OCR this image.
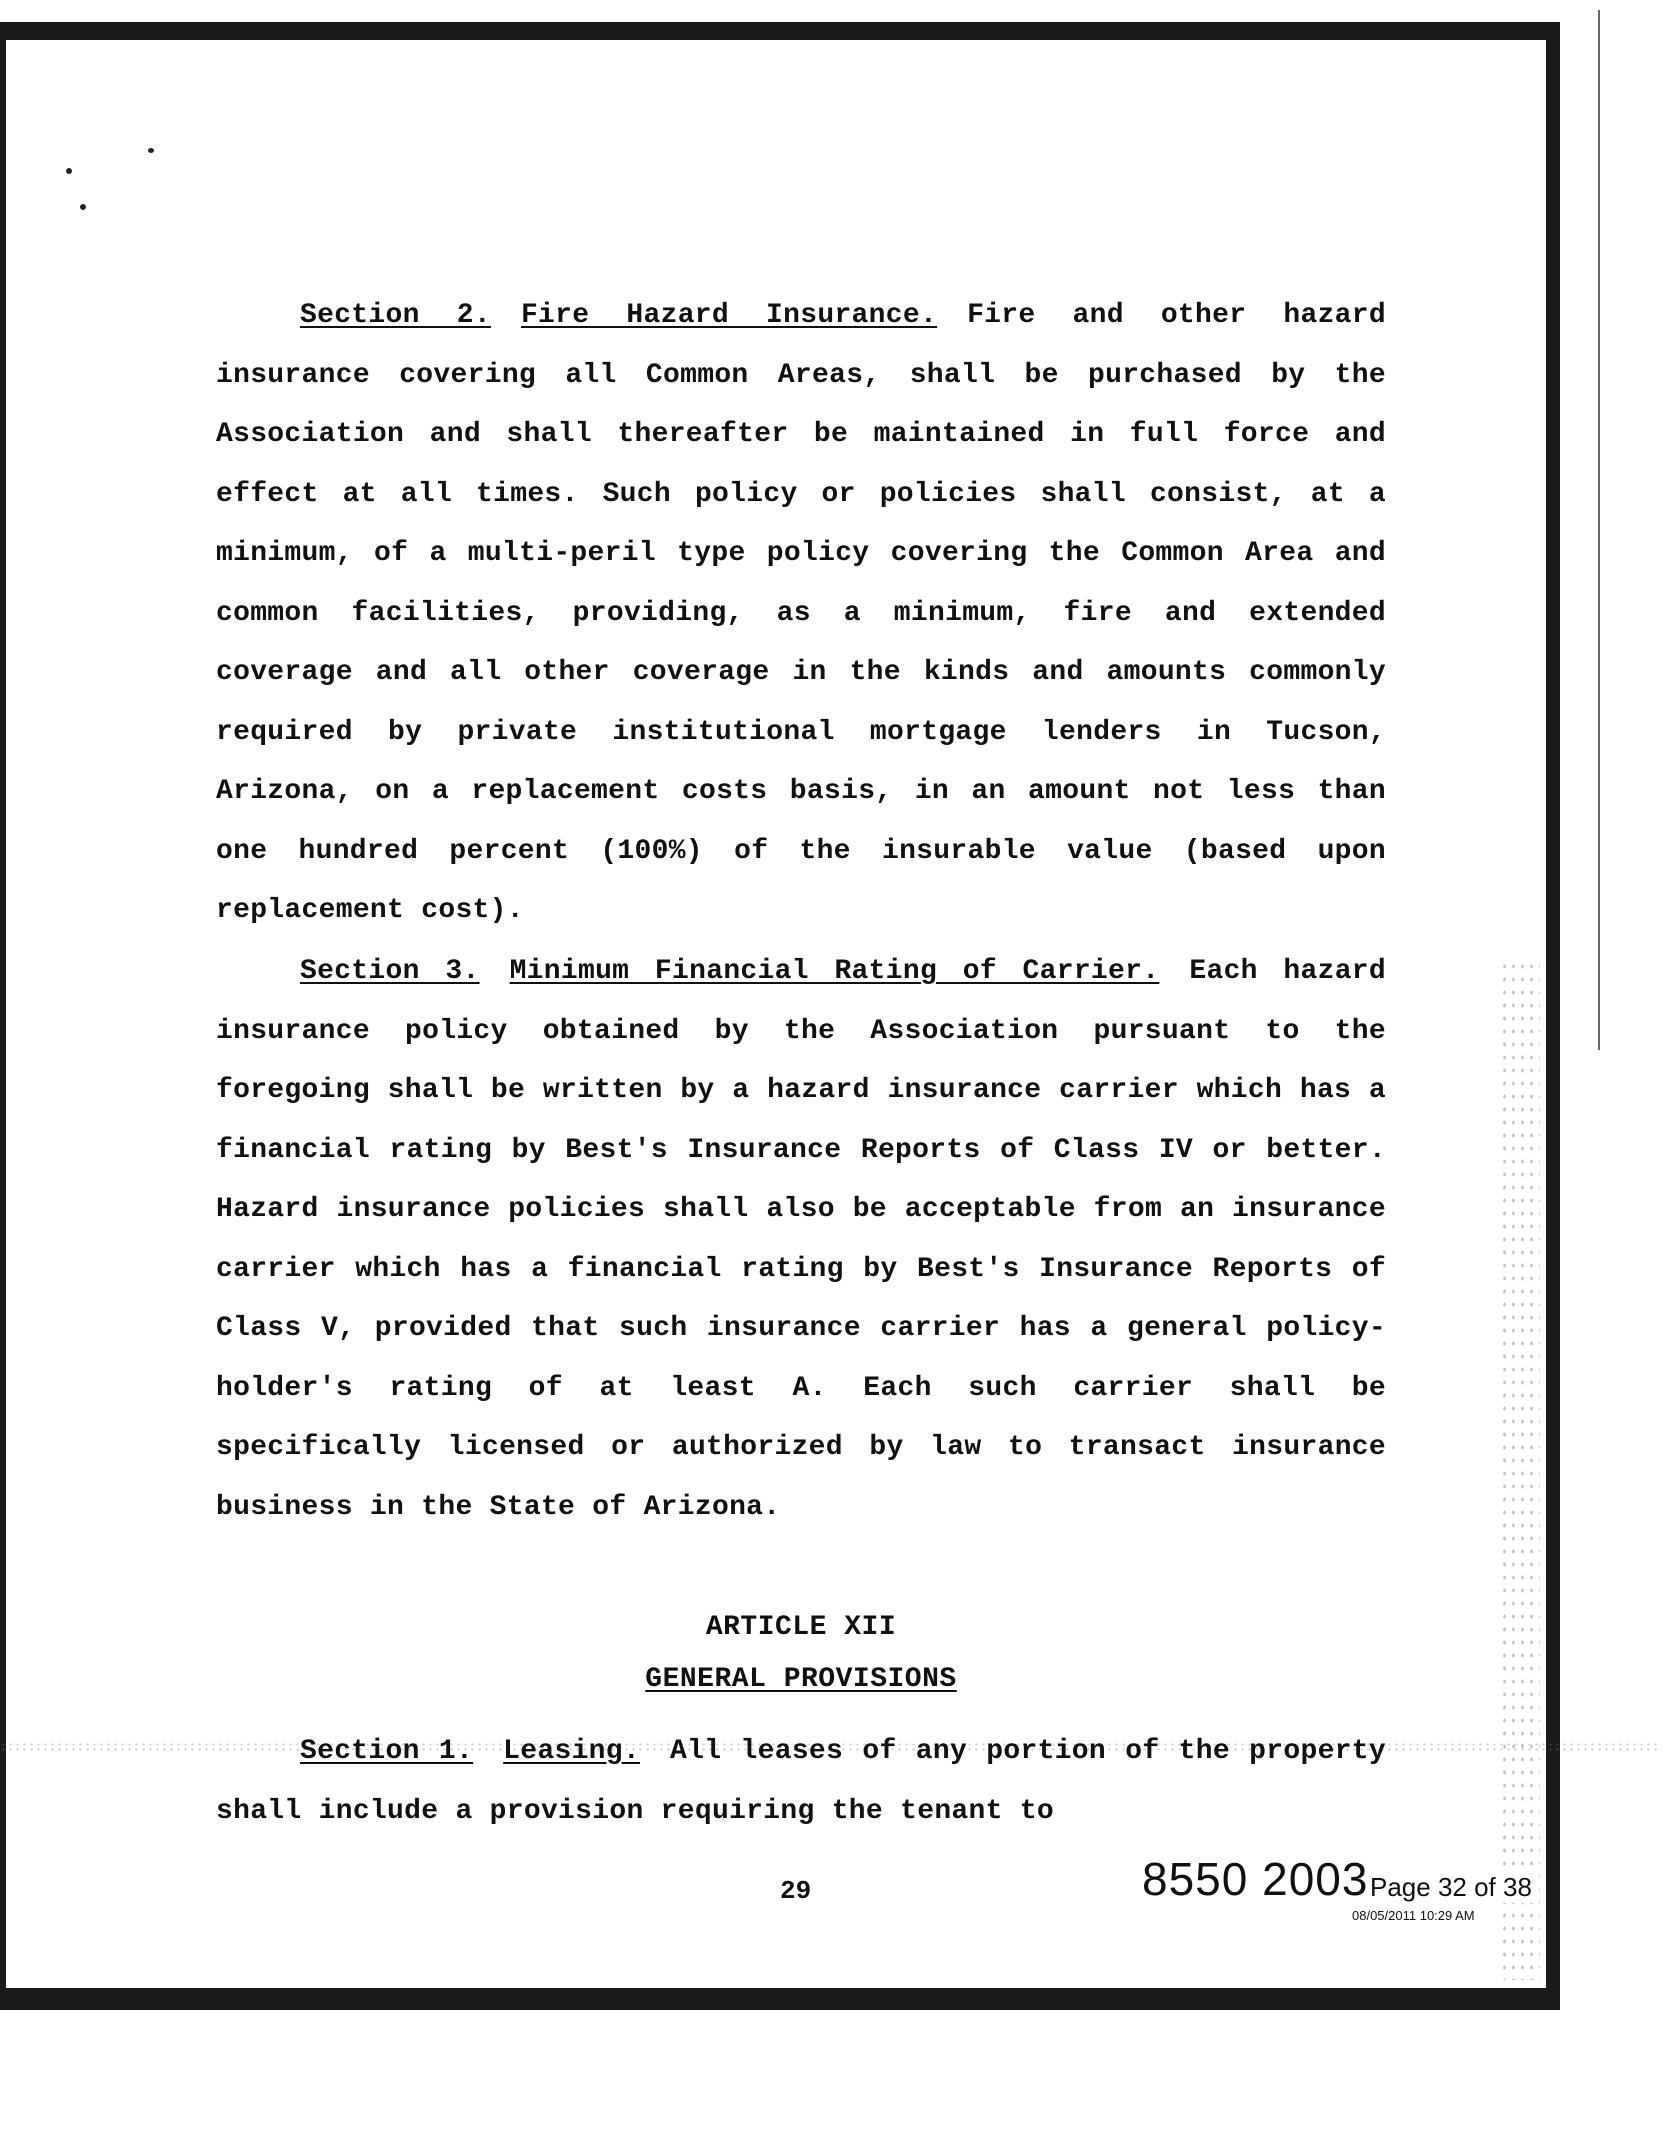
Section 2. Fire Hazard Insurance. Fire and other hazard insurance covering all Common Areas, shall be purchased by the Association and shall thereafter be maintained in full force and effect at all times. Such policy or policies shall consist, at a minimum, of a multi-peril type policy covering the Common Area and common facilities, providing, as a minimum, fire and extended coverage and all other coverage in the kinds and amounts commonly required by private institutional mortgage lenders in Tucson, Arizona, on a replacement costs basis, in an amount not less than one hundred percent (100%) of the insurable value (based upon replacement cost).

Section 3. Minimum Financial Rating of Carrier. Each hazard insurance policy obtained by the Association pursuant to the foregoing shall be written by a hazard insurance carrier which has a financial rating by Best's Insurance Reports of Class IV or better. Hazard insurance policies shall also be acceptable from an insurance carrier which has a financial rating by Best's Insurance Reports of Class V, provided that such insurance carrier has a general policy-holder's rating of at least A. Each such carrier shall be specifically licensed or authorized by law to transact insurance business in the State of Arizona.

ARTICLE XII
GENERAL PROVISIONS

Section 1. Leasing. All leases of any portion of the property shall include a provision requiring the tenant to

29	8550 2003 Page 32 of 38
08/05/2011 10:29 AM
